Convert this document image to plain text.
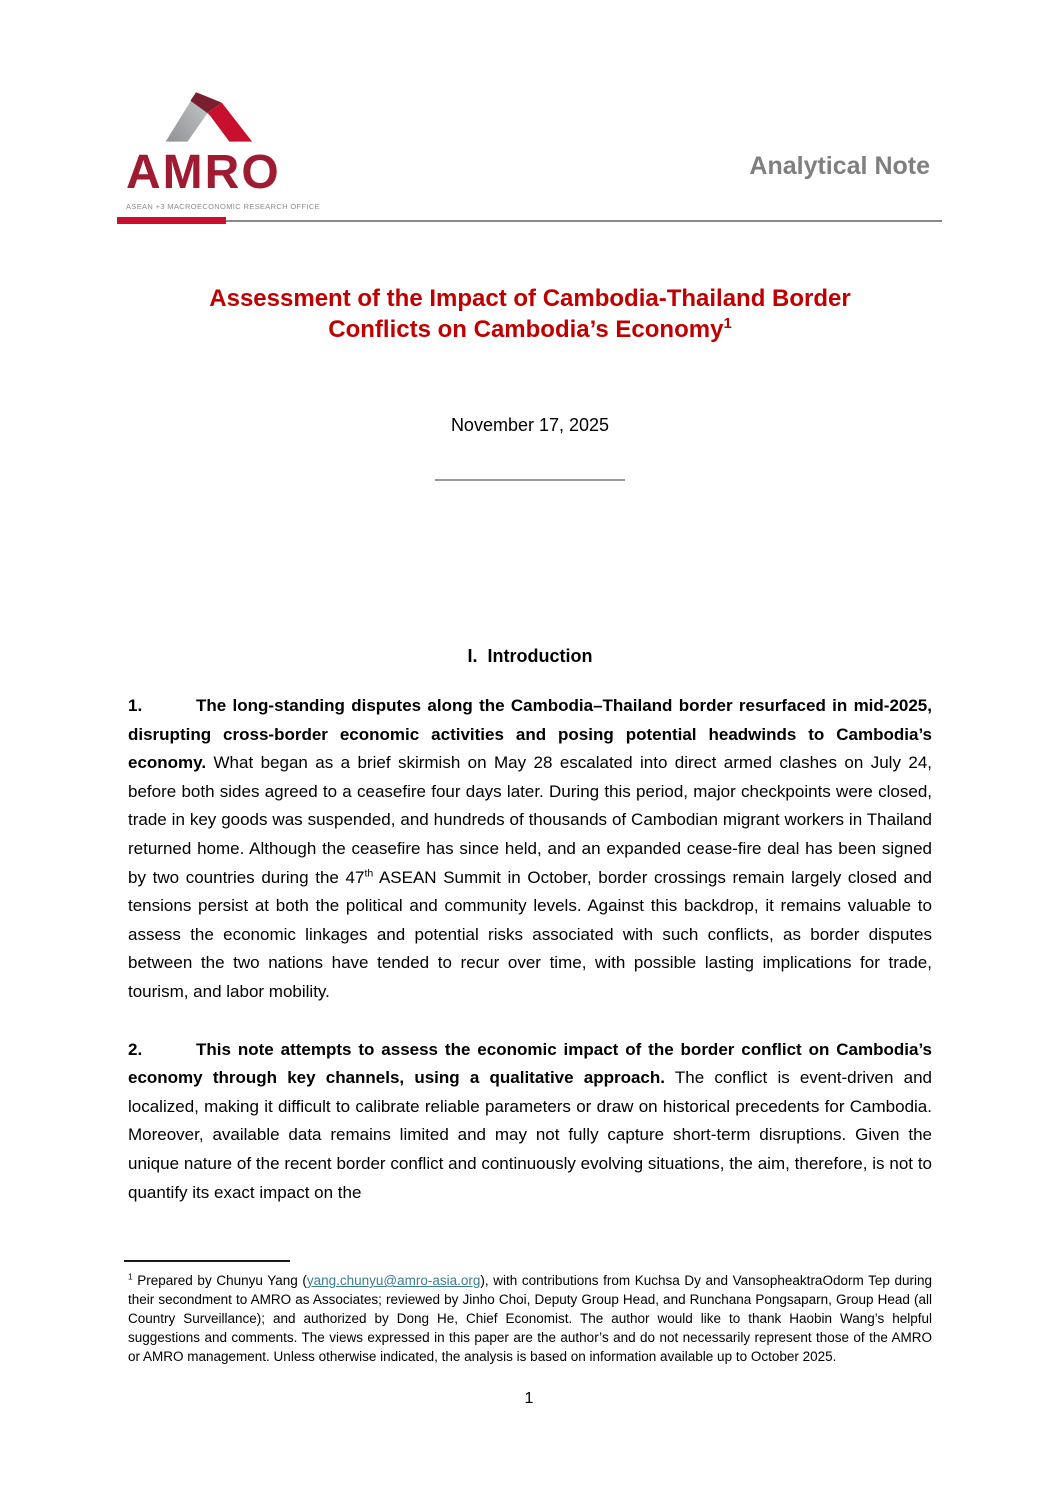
AMRO
ASEAN +3 MACROECONOMIC RESEARCH OFFICE
Analytical Note
Assessment of the Impact of Cambodia-Thailand Border
Conflicts on Cambodia’s Economy$^1$
November 17, 2025
I.  Introduction

1.	The long-standing disputes along the Cambodia–Thailand border resurfaced in mid-2025, disrupting cross-border economic activities and posing potential headwinds to Cambodia’s economy. What began as a brief skirmish on May 28 escalated into direct armed clashes on July 24, before both sides agreed to a ceasefire four days later. During this period, major checkpoints were closed, trade in key goods was suspended, and hundreds of thousands of Cambodian migrant workers in Thailand returned home. Although the ceasefire has since held, and an expanded cease-fire deal has been signed by two countries during the 47th ASEAN Summit in October, border crossings remain largely closed and tensions persist at both the political and community levels. Against this backdrop, it remains valuable to assess the economic linkages and potential risks associated with such conflicts, as border disputes between the two nations have tended to recur over time, with possible lasting implications for trade, tourism, and labor mobility.

2.	This note attempts to assess the economic impact of the border conflict on Cambodia’s economy through key channels, using a qualitative approach. The conflict is event-driven and localized, making it difficult to calibrate reliable parameters or draw on historical precedents for Cambodia. Moreover, available data remains limited and may not fully capture short-term disruptions. Given the unique nature of the recent border conflict and continuously evolving situations, the aim, therefore, is not to quantify its exact impact on the

$^1$ Prepared by Chunyu Yang (yang.chunyu@amro-asia.org), with contributions from Kuchsa Dy and VansopheaktraOdorm Tep during their secondment to AMRO as Associates; reviewed by Jinho Choi, Deputy Group Head, and Runchana Pongsaparn, Group Head (all Country Surveillance); and authorized by Dong He, Chief Economist. The author would like to thank Haobin Wang’s helpful suggestions and comments. The views expressed in this paper are the author’s and do not necessarily represent those of the AMRO or AMRO management. Unless otherwise indicated, the analysis is based on information available up to October 2025.

1
